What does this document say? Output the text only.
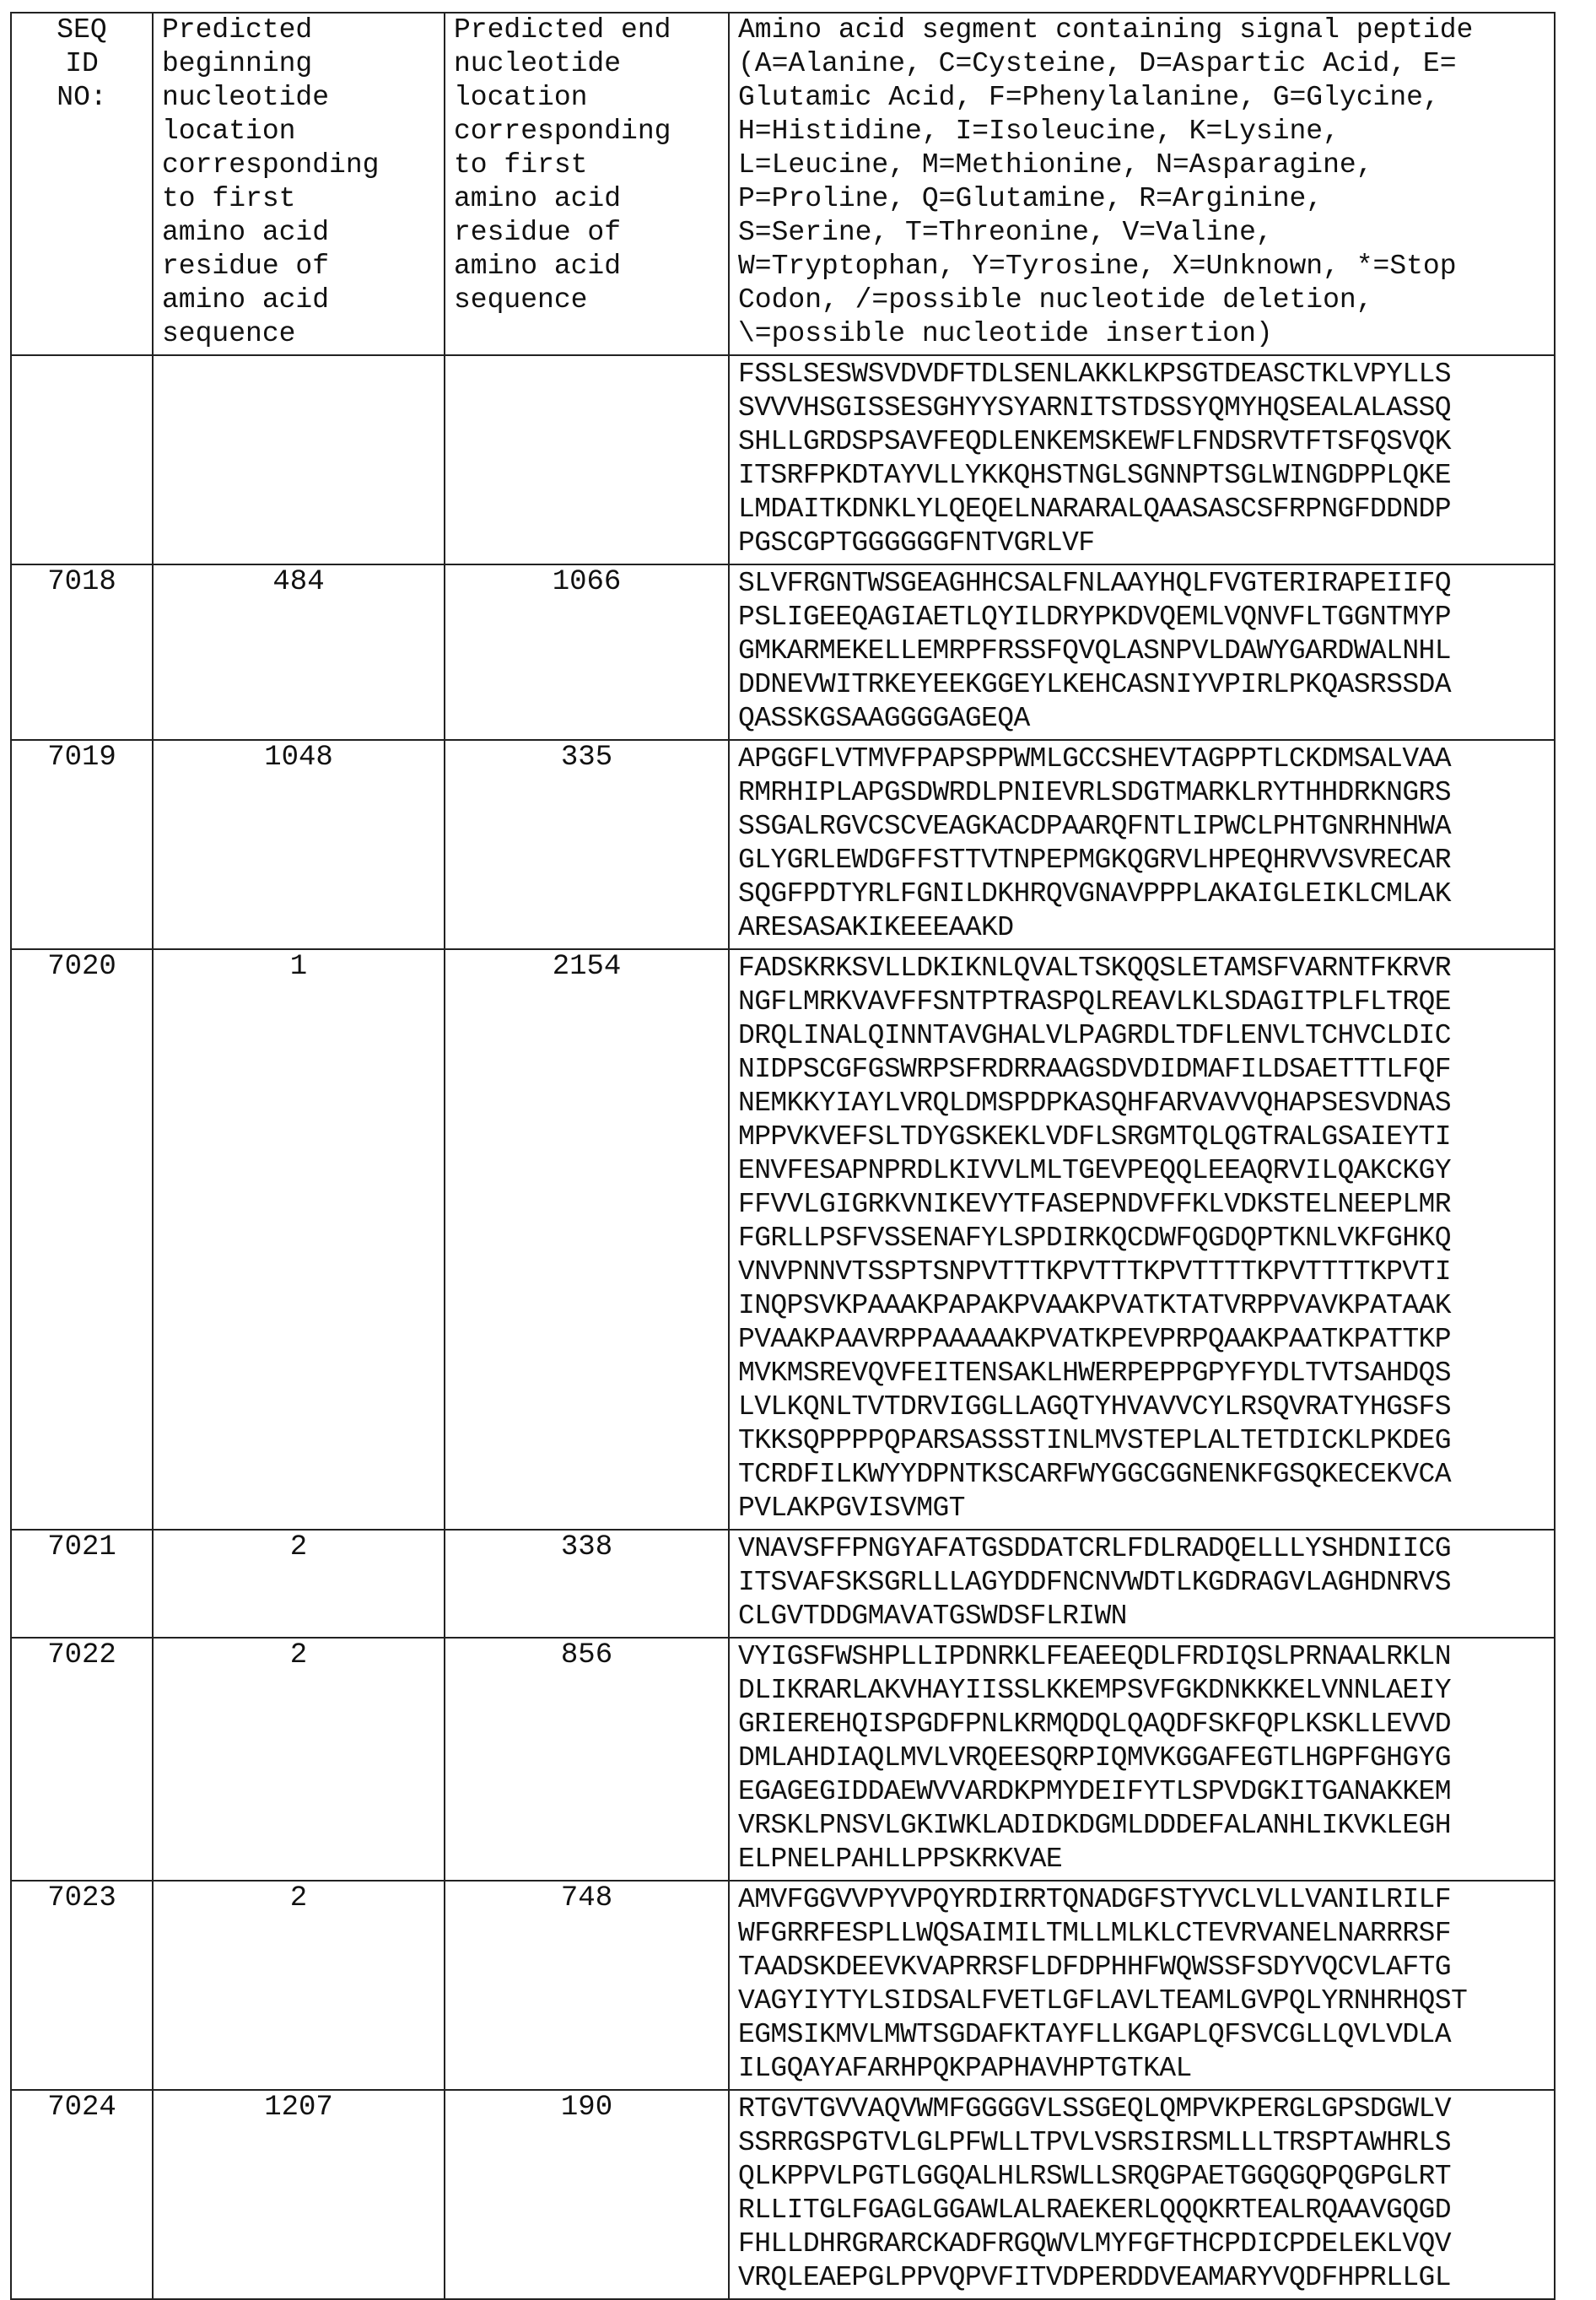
SEQ
ID
NO:	Predicted
beginning
nucleotide
location
corresponding
to first
amino acid
residue of
amino acid
sequence	Predicted end
nucleotide
location
corresponding
to first
amino acid
residue of
amino acid
sequence	Amino acid segment containing signal peptide
(A=Alanine, C=Cysteine, D=Aspartic Acid, E=
Glutamic Acid, F=Phenylalanine, G=Glycine,
H=Histidine, I=Isoleucine, K=Lysine,
L=Leucine, M=Methionine, N=Asparagine,
P=Proline, Q=Glutamine, R=Arginine,
S=Serine, T=Threonine, V=Valine,
W=Tryptophan, Y=Tyrosine, X=Unknown, *=Stop
Codon, /=possible nucleotide deletion,
\=possible nucleotide insertion)

FSSLSESWSVDVDFTDLSENLAKKLKPSGTDEASCTKLVPYLLS
SVVVHSGISSESGHYYSYARNITSTDSSYQMYHQSEALALASSQ
SHLLGRDSPSAVFEQDLENKEMSKEWFLFNDSRVTFTSFQSVQK
ITSRFPKDTAYVLLYKKQHSTNGLSGNNPTSGLWINGDPPLQKE
LMDAITKDNKLYLQEQELNARARALQAASASCSFRPNGFDDNDP
PGSCGPTGGGGGGFNTVGRLVF

7018	484	1066	SLVFRGNTWSGEAGHHCSALFNLAAYHQLFVGTERIRAPEIIFQ
PSLIGEEQAGIAETLQYILDRYPKDVQEMLVQNVFLTGGNTMYP
GMKARMEKELLEMRPFRSSFQVQLASNPVLDAWYGARDWALNHL
DDNEVWITRKEYEEKGGEYLKEHCASNIYVPIRLPKQASRSSDA
QASSKGSAAGGGGAGEQA

7019	1048	335	APGGFLVTMVFPAPSPPWMLGCCSHEVTAGPPTLCKDMSALVAA
RMRHIPLAPGSDWRDLPNIEVRLSDGTMARKLRYTHHDRKNGRS
SSGALRGVCSCVEAGKACDPAARQFNTLIPWCLPHTGNRHNHWA
GLYGRLEWDGFFSTTVTNPEPMGKQGRVLHPEQHRVVSVRECAR
SQGFPDTYRLFGNILDKHRQVGNAVPPPLAKAIGLEIKLCMLAK
ARESASAKIKEEEAAKD

7020	1	2154	FADSKRKSVLLDKIKNLQVALTSKQQSLETAMSFVARNTFKRVR
NGFLMRKVAVFFSNTPTRASPQLREAVLKLSDAGITPLFLTRQE
DRQLINALQINNTAVGHALVLPAGRDLTDFLENVLTCHVCLDIC
NIDPSCGFGSWRPSFRDRRAAGSDVDIDMAFILDSAETTTLFQF
NEMKKYIAYLVRQLDMSPDPKASQHFARVAVVQHAPSESVDNAS
MPPVKVEFSLTDYGSKEKLVDFLSRGMTQLQGTRALGSAIEYTI
ENVFESAPNPRDLKIVVLMLTGEVPEQQLEEAQRVILQAKCKGY
FFVVLGIGRKVNIKEVYTFASEPNDVFFKLVDKSTELNEEPLMR
FGRLLPSFVSSENAFYLSPDIRKQCDWFQGDQPTKNLVKFGHKQ
VNVPNNVTSSPTSNPVTTTKPVTTTKPVTTTTKPVTTTTKPVTI
INQPSVKPAAAKPAPAKPVAAKPVATKTATVRPPVAVKPATAAK
PVAAKPAAVRPPAAAAAKPVATKPEVPRPQAAKPAATKPATTKP
MVKMSREVQVFEITENSAKLHWERPEPPGPYFYDLTVTSAHDQS
LVLKQNLTVTDRVIGGLLAGQTYHVAVVCYLRSQVRATYHGSFS
TKKSQPPPPQPARSASSSTINLMVSTEPLALTETDICKLPKDEG
TCRDFILKWYYDPNTKSCARFWYGGCGGNENKFGSQKECEKVCA
PVLAKPGVISVMGT

7021	2	338	VNAVSFFPNGYAFATGSDDATCRLFDLRADQELLLYSHDNIICG
ITSVAFSKSGRLLLAGYDDFNCNVWDTLKGDRAGVLAGHDNRVS
CLGVTDDGMAVATGSWDSFLRIWN

7022	2	856	VYIGSFWSHPLLIPDNRKLFEAEEQDLFRDIQSLPRNAALRKLN
DLIKRARLAKVHAYIISSLKKEMPSVFGKDNKKKELVNNLAEIY
GRIEREHQISPGDFPNLKRMQDQLQAQDFSKFQPLKSKLLEVVD
DMLAHDIAQLMVLVRQEESQRPIQMVKGGAFEGTLHGPFGHGYG
EGAGEGIDDAEWVVARDKPMYDEIFYTLSPVDGKITGANAKKEM
VRSKLPNSVLGKIWKLADIDKDGMLDDDEFALANHLIKVKLEGH
ELPNELPAHLLPPSKRKVAE

7023	2	748	AMVFGGVVPYVPQYRDIRRTQNADGFSTYVCLVLLVANILRILF
WFGRRFESPLLWQSAIMILTMLLMLKLCTEVRVANELNARRRSF
TAADSKDEEVKVAPRRSFLDFDPHHFWQWSSFSDYVQCVLAFTG
VAGYIYTYLSIDSALFVETLGFLAVLTEAMLGVPQLYRNHRHQST
EGMSIKMVLMWTSGDAFKTAYFLLKGAPLQFSVCGLLQVLVDLA
ILGQAYAFARHPQKPAPHAVHPTGTKAL

7024	1207	190	RTGVTGVVAQVWMFGGGGVLSSGEQLQMPVKPERGLGPSDGWLV
SSRRGSPGTVLGLPFWLLTPVLVSRSIRSMLLLTRSPTAWHRLS
QLKPPVLPGTLGGQALHLRSWLLSRQGPAETGGQGQPQGPGLRT
RLLITGLFGAGLGGAWLALRAEKERLQQQKRTEALRQAAVGQGD
FHLLDHRGRARCKADFRGQWVLMYFGFTHCPDICPDELEKLVQV
VRQLEAEPGLPPVQPVFITVDPERDDVEAMARYVQDFHPRLLGL
